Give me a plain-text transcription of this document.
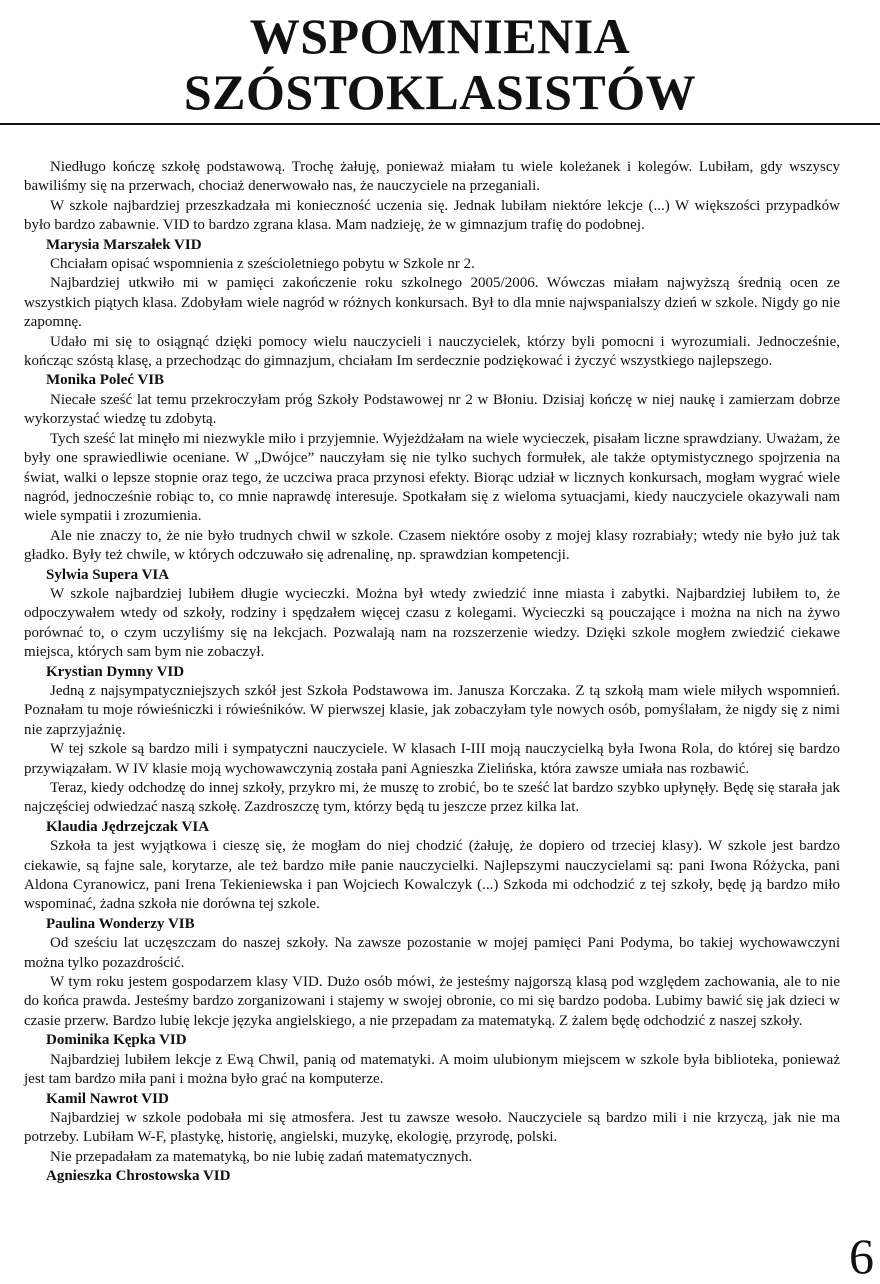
WSPOMNIENIA
SZÓSTOKLASISTÓW

Niedługo kończę szkołę podstawową. Trochę żałuję, ponieważ miałam tu wiele koleżanek i kolegów. Lubiłam, gdy wszyscy bawiliśmy się na przerwach, chociaż denerwowało nas, że nauczyciele na przeganiali.

W szkole najbardziej przeszkadzała mi konieczność uczenia się. Jednak lubiłam niektóre lekcje (...) W większości przypadków było bardzo zabawnie. VID to bardzo zgrana klasa. Mam nadzieję, że w gimnazjum trafię do podobnej.

Marysia Marszałek VID

Chciałam opisać wspomnienia z sześcioletniego pobytu w Szkole nr 2.

Najbardziej utkwiło mi w pamięci zakończenie roku szkolnego 2005/2006. Wówczas miałam najwyższą średnią ocen ze wszystkich piątych klasa. Zdobyłam wiele nagród w różnych konkursach. Był to dla mnie najwspanialszy dzień w szkole. Nigdy go nie zapomnę.

Udało mi się to osiągnąć dzięki pomocy wielu nauczycieli i nauczycielek, którzy byli pomocni i wyrozumiali. Jednocześnie, kończąc szóstą klasę, a przechodząc do gimnazjum, chciałam Im serdecznie podziękować i życzyć wszystkiego najlepszego.

Monika Poleć VIB

Niecałe sześć lat temu przekroczyłam próg Szkoły Podstawowej nr 2 w Błoniu. Dzisiaj kończę w niej naukę i zamierzam dobrze wykorzystać wiedzę tu zdobytą.

Tych sześć lat minęło mi niezwykle miło i przyjemnie. Wyjeżdżałam na wiele wycieczek, pisałam liczne sprawdziany. Uważam, że były one sprawiedliwie oceniane. W „Dwójce” nauczyłam się nie tylko suchych formułek, ale także optymistycznego spojrzenia na świat, walki o lepsze stopnie oraz tego, że uczciwa praca przynosi efekty. Biorąc udział w licznych konkursach, mogłam wygrać wiele nagród, jednocześnie robiąc to, co mnie naprawdę interesuje. Spotkałam się z wieloma sytuacjami, kiedy nauczyciele okazywali nam wiele sympatii i zrozumienia.

Ale nie znaczy to, że nie było trudnych chwil w szkole. Czasem niektóre osoby z mojej klasy rozrabiały; wtedy nie było już tak gładko. Były też chwile, w których odczuwało się adrenalinę, np. sprawdzian kompetencji.

Sylwia Supera VIA

W szkole najbardziej lubiłem długie wycieczki. Można był wtedy zwiedzić inne miasta i zabytki. Najbardziej lubiłem to, że odpoczywałem wtedy od szkoły, rodziny i spędzałem więcej czasu z kolegami. Wycieczki są pouczające i można na nich na żywo porównać to, o czym uczyliśmy się na lekcjach. Pozwalają nam na rozszerzenie wiedzy. Dzięki szkole mogłem zwiedzić ciekawe miejsca, których sam bym nie zobaczył.

Krystian Dymny VID

Jedną z najsympatyczniejszych szkół jest Szkoła Podstawowa im. Janusza Korczaka. Z tą szkołą mam wiele miłych wspomnień. Poznałam tu moje rówieśniczki i rówieśników. W pierwszej klasie, jak zobaczyłam tyle nowych osób, pomyślałam, że nigdy się z nimi nie zaprzyjaźnię.

W tej szkole są bardzo mili i sympatyczni nauczyciele. W klasach I-III moją nauczycielką była Iwona Rola, do której się bardzo przywiązałam. W IV klasie moją wychowawczynią została pani Agnieszka Zielińska, która zawsze umiała nas rozbawić.

Teraz, kiedy odchodzę do innej szkoły, przykro mi, że muszę to zrobić, bo te sześć lat bardzo szybko upłynęły. Będę się starała jak najczęściej odwiedzać naszą szkołę. Zazdroszczę tym, którzy będą tu jeszcze przez kilka lat.

Klaudia Jędrzejczak VIA

Szkoła ta jest wyjątkowa i cieszę się, że mogłam do niej chodzić (żałuję, że dopiero od trzeciej klasy). W szkole jest bardzo ciekawie, są fajne sale, korytarze, ale też bardzo miłe panie nauczycielki. Najlepszymi nauczycielami są: pani Iwona Różycka, pani Aldona Cyranowicz, pani Irena Tekieniewska i pan Wojciech Kowalczyk (...) Szkoda mi odchodzić z tej szkoły, będę ją bardzo miło wspominać, żadna szkoła nie dorówna tej szkole.

Paulina Wonderzy VIB

Od sześciu lat uczęszczam do naszej szkoły. Na zawsze pozostanie w mojej pamięci Pani Podyma, bo takiej wychowawczyni można tylko pozazdrościć.

W tym roku jestem gospodarzem klasy VID. Dużo osób mówi, że jesteśmy najgorszą klasą pod względem zachowania, ale to nie do końca prawda. Jesteśmy bardzo zorganizowani i stajemy w swojej obronie, co mi się bardzo podoba. Lubimy bawić się jak dzieci w czasie przerw. Bardzo lubię lekcje języka angielskiego, a nie przepadam za matematyką. Z żalem będę odchodzić z naszej szkoły.

Dominika Kępka VID

Najbardziej lubiłem lekcje z Ewą Chwil, panią od matematyki. A moim ulubionym miejscem w szkole była biblioteka, ponieważ jest tam bardzo miła pani i można było grać na komputerze.

Kamil Nawrot VID

Najbardziej w szkole podobała mi się atmosfera. Jest tu zawsze wesoło. Nauczyciele są bardzo mili i nie krzyczą, jak nie ma potrzeby. Lubiłam W-F, plastykę, historię, angielski, muzykę, ekologię, przyrodę, polski.

Nie przepadałam za matematyką, bo nie lubię zadań matematycznych.

Agnieszka Chrostowska VID

6
